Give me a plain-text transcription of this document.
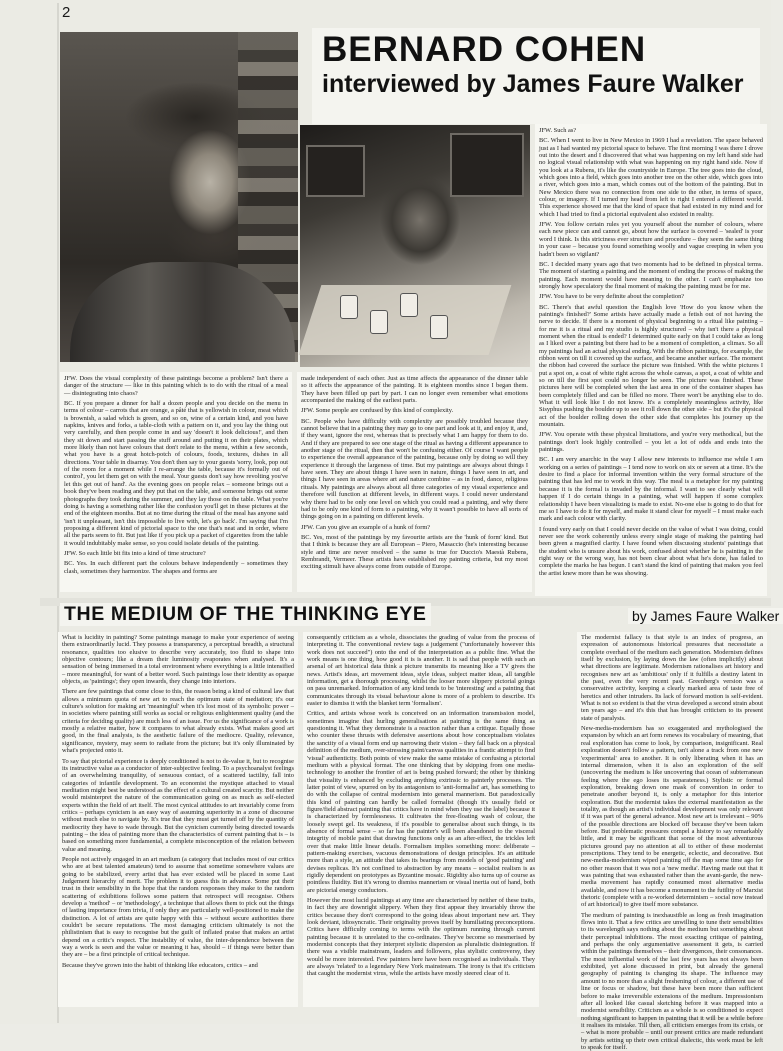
2
BERNARD COHEN
interviewed by James Faure Walker

JFW. Does the visual complexity of these paintings become a problem? Isn't there a danger of the structure — like in this painting which is to do with the ritual of a meal — disintegrating into chaos?

BC. If you prepare a dinner for half a dozen people and you decide on the menu in terms of colour – carrots that are orange, a pâté that is yellowish in colour, meat which is brownish, a salad which is green, and so on, wine of a certain kind, and you have napkins, knives and forks, a table-cloth with a pattern on it, and you lay the thing out very carefully, and then people come in and say 'doesn't it look delicious!', and then they sit down and start passing the stuff around and putting it on their plates, which more likely than not have colours that don't relate to the menu, within a few seconds, what you have is a great hotch-potch of colours, foods, textures, dishes in all directions. Your table in disarray. You don't then say to your guests 'sorry, look, pop out of the room for a moment while I re-arrange the table, because it's formally out of control', you let them get on with the meal. Your guests don't say how revolting you've let this get out of hand'. As the evening goes on people relax – someone brings out a book they've been reading and they put that on the table, and someone brings out some photographs they took during the summer, and they lay those on the table. What you're doing is having a something rather like the confusion you'll get in these pictures at the end of the eighteen months. But at no time during the ritual of the meal has anyone said 'isn't it unpleasant, isn't this impossible to live with, let's go back'. I'm saying that I'm proposing a different kind of pictorial space to the one that's neat and in order, where all the parts seem to fit. But just like if you pick up a packet of cigarettes from the table it would indubitably make sense, so you could isolate details of the painting.

JFW. So each little bit fits into a kind of time structure?

BC. Yes. In each different part the colours behave independently – sometimes they clash, sometimes they harmonize. The shapes and forms are

made independent of each other. Just as time affects the appearance of the dinner table so it affects the appearance of the painting. It is eighteen months since I began them. They have been filled up part by part. I can no longer even remember what emotions accompanied the making of the earliest parts.

JFW. Some people are confused by this kind of complexity.

BC. People who have difficulty with complexity are possibly troubled because they cannot believe that in a painting they may go to one part and look at it, and enjoy it, and, if they want, ignore the rest, whereas that is precisely what I am happy for them to do. And if they are prepared to see one stage of the ritual as having a different appearance to another stage of the ritual, then that won't be confusing either. Of course I want people to experience the overall appearance of the painting, because only by doing so will they experience it through the largeness of time. But my paintings are always about things I have seen. They are about things I have seen in nature, things I have seen in art, and things I have seen in areas where art and nature combine – as in food, dance, religious rituals. My paintings are always about all three categories of my visual experience and therefore will function at different levels, in different ways. I could never understand why there had to be only one level on which you could read a painting, and why there had to be only one kind of form to a painting, why it wasn't possible to have all sorts of things going on in a painting on different levels.

JFW. Can you give an example of a hunk of form?

BC. Yes, most of the paintings by my favourite artists are the 'hunk of form' kind. But that I think is because they are all European – Piero, Masaccio (he's interesting because style and time are never resolved – the same is true for Duccio's Maestà Rubens, Rembrandt, Vermeer. These artists have established my painting criteria, but my most exciting stimuli have always come from outside of Europe.

JFW. Such as?

BC. When I went to live in New Mexico in 1969 I had a revelation. The space behaved just as I had wanted my pictorial space to behave. The first morning I was there I drove out into the desert and I discovered that what was happening on my left hand side had no logical visual relationship with what was happening on my right hand side. Now if you look at a Rubens, it's like the countryside in Europe. The tree goes into the cloud, which goes into a field, which goes into another tree on the other side, which goes into a river, which goes into a man, which comes out of the bottom of the painting. But in New Mexico there was no connection from one side to the other, in terms of space, colour, or imagery. If I turned my head from left to right I entered a different world. This experience showed me that the kind of space that had existed in my mind and for which I had tried to find a pictorial equivalent also existed in reality.

JFW. You follow certain rules yet you yourself about the number of colours, where each new piece can and cannot go, about how the surface is covered – 'sealed' is your word I think. Is this strictness ever structure and procedure – they seem the same thing in your case – because you found something woolly and vague creeping in when you hadn't been so vigilant?

BC. I decided many years ago that two moments had to be defined in physical terms. The moment of starting a painting and the moment of ending the process of making the painting. Each moment would have meaning to the other. I can't emphasize too strongly how speculatory the final moment of making the painting must be for me.

JFW. You have to be very definite about the completion?

BC. There's that awful question the English love 'How do you know when the painting's finished?' Some artists have actually made a fetish out of not having the nerve to decide. If there is a moment of physical beginning to a ritual like painting – for me it is a ritual and my studio is highly structured – why isn't there a physical moment when the ritual is ended? I determined quite early on that I could take as long as I liked over a painting but there had to be a moment of completion, a climax. So all my paintings had an actual physical ending. With the ribbon paintings, for example, the ribbon went on till it covered up the surface, and became another surface. The moment the ribbon had covered the surface the picture was finished. With the white pictures I put a spot on, a coat of white right across the whole canvas, a spot, a coat of white and so on till the first spot could no longer be seen. The picture was finished. These pictures here will be completed when the last area in one of the container shapes has been completely filled and can be filled no more. There won't be anything else to do. What it will look like I do not know. It's a completely meaningless activity, like Sisyphus pushing the boulder up to see it roll down the other side – but it's the physical act of the boulder rolling down the other side that completes his journey up the mountain.

JFW. You operate with these physical limitations, and you're very methodical, but the paintings don't look highly controlled – you let a lot of odds and ends into the paintings.

BC. I am very anarchic in the way I allow new interests to influence me while I am working on a series of paintings – I tend now to work on six or seven at a time. It's the desire to find a place for informal invention within the very formal structure of the painting that has led me to work in this way. The meal is a metaphor for my painting because it is the formal is invaded by the informal. I want to see clearly what will happen if I do certain things in a painting, what will happen if some complex relationship I have been visualizing is made to exist. No-one else is going to do that for me so I have to do it for myself, and make it stand clear for myself – I must make each mark and each colour with clarity.

I found very early on that I could never decide on the value of what I was doing, could never see the work coherently unless every single stage of making the painting had been given a magnified clarity. I have found when discussing students' paintings that the student who is unsure about his work, confused about whether he is painting in the right way or the wrong way, has not been clear about what he's done, has failed to complete the marks he has begun. I can't stand the kind of painting that makes you feel the artist knew more than he was showing.

THE MEDIUM OF THE THINKING EYE	by James Faure Walker

What is lucidity in painting? Some paintings manage to make your experience of seeing them extraordinarily lucid. They possess a transparency, a perceptual breadth, a structural resonance, qualities too elusive to describe very accurately, too fluid to shape into objective contours; like a dream their luminosity evaporates when analysed. It's a sensation of being immersed in a total environment where everything is a little intensified – more meaningful, for want of a better word. Such paintings lose their identity as opaque objects, as 'paintings'; they open inwards, they change into interiors.

There are few paintings that come close to this, the reason being a kind of cultural law that allows a minimum quota of new art to reach the optimum state of mediation; it's our culture's solution for making art 'meaningful' when it's lost most of its symbolic power – in societies where painting still works as social or religious enlightenment quality (and the criteria for deciding quality) are much less of an issue. For us the significance of a work is mostly a relative matter, how it compares to what already exists. What makes good art good, in the final analysis, is the aesthetic failure of the mediocre. Quality, relevance, significance, mystery, may seem to radiate from the picture; but it's only illuminated by what's projected onto it.

To say that pictorial experience is deeply conditioned is not to de-value it, but to recognise its instructive value as a conductor of inter-subjective feeling. To a psychoanalyst feelings of an overwhelming tranquility, of sensuous contact, of a scattered tactility, fall into categories of infantile development. To an economist the mystique attached to visual meditation might best be understood as the effect of a cultural created scarcity. But neither would misinterpret the nature of the communication going on as much as self-elected experts within the field of art itself. The most cynical attitudes to art invariably come from critics – perhaps cynicism is an easy way of assuming superiority in a zone of discourse without much else to navigate by. It's true that they must get turned off by the quantity of mediocrity they have to wade through. But the cynicism currently being directed towards painting – the idea of painting more than the characteristics of current painting that is – is based on something more fundamental, a complete misconception of the relation between value and meaning.

People not actively engaged in an art medium (a category that includes most of our critics who are at best talented amateurs) tend to assume that sometime somewhere values are going to be stabilized, every artist that has ever existed will be placed in some Last Judgement hierarchy of merit. The problem it to guess this in advance. Some put their trust in their sensibility in the hope that the random responses they make to the random scattering of exhibitions follows some pattern that retrospect will recognise. Others develop a 'method' – or 'methodology', a technique that allows them to pick out the things of lasting importance from trivia, if only they are particularly well-positioned to make the distinction. A lot of artists are quite happy with this – without secure authorities there couldn't be secure reputations. The most damaging criticism ultimately is not the philistinism that is easy to recognise but the guilt of inflated praise that makes an artist depend on a critic's respect. The instability of value, the inter-dependence between the way a work is seen and the value or meaning it has, should – if things were better than they are – be a first principle of critical technique.

Because they've grown into the habit of thinking like educators, critics – and

consequently criticism as a whole, dissociates the grading of value from the process of interpreting it. The conventional review tags a judgement ("unfortunately however this work does not succeed") onto the end of the interpretation as a public fine. What the work means is one thing, how good it is is another. It is sad that people with such an arsenal of art historical data think a picture transmits its meaning like a TV gives the news. Artist's ideas, art movement ideas, style ideas, subject matter ideas, all tangible information, get a thorough processing, whilst the looser more slippery pictorial goings on pass unremarked. Information of any kind tends to be 'interesting' and a painting that communicates through its visual behaviour alone is more of a problem to describe. It's easier to dismiss it with the blanket term 'formalism'.

Critics, and artists whose work is conceived on an information transmission model, sometimes imagine that hurling generalisations at painting is the same thing as questioning it. What they demonstrate is a reaction rather than a critique. Equally those who counter these thrusts with defensive assertions about how conceptualism violates the sanctity of a visual form end up narrowing their vision – they fall back on a physical definition of the medium, over-stressing paint/canvas qualities in a frantic attempt to find 'visual' authenticity. Both points of view make the same mistake of confusing a pictorial medium with a physical format. The one thinking that by skipping from one media-technology to another the frontier of art is being pushed forward; the other by thinking that visuality is enhanced by excluding anything extrinsic to painterly processes. The latter point of view, spurred on by its antagonism to 'anti-formalist' art, has something to do with the collapse of central modernism into general mannerism. But paradoxically this kind of painting can hardly be called formalist (though it's usually field or figure/field abstract painting that critics have in mind when they use the label) because it is characterized by formlessness. It cultivates the free-floating wash of colour, the loosely swept gel. Its weakness, if it's possible to generalise about such things, is its absence of formal sense – so far has the painter's will been abandoned to the visceral integrity of mobile paint that drawing functions only as an after-effect, the trickles left over that make little linear details. Formalism implies something more: deliberate – pattern-making exercises, vacuous demonstrations of design principles. It's an attitude more than a style, an attitude that takes its bearings from models of 'good painting' and devises replicas. It's not confined to abstraction by any means – socialist realism is as rigidly dependent on prototypes as Byzantine mosaic. Rigidity also turns up of course as pointless fluidity. But it's wrong to dismiss mannerism or visual inertia out of hand, both are pictorial energy conductors.

However the most lucid paintings at any time are characterised by neither of these traits, in fact they are downright slippery. When they first appear they invariably throw the critics because they don't correspond to the going ideas about important new art. They look deviant, idiosyncratic. Their originality proves itself by humiliating preconceptions. Critics have difficulty coming to terms with the optimum running through current painting because it is unrelated to the co-ordinates. They've become so mesmerised by modernist concepts that they interpret stylistic dispersion as pluralistic disintegration. If there was a visible mainstream, leaders and followers, plus stylistic controversy, they would be more interested. Few painters here have been recognised as individuals. They are always 'related' to a legendary New York mainstream. The irony is that it's criticism that caught the modernist virus, while the artists have mostly steered clear of it.

The modernist fallacy is that style is an index of progress, an expression of autonomous historical pressures that necessitate a complete overhaul of the medium each generation. Modernism defines itself by exclusion, by laying down the law (often implicitly) about what directions are legitimate. Modernism rationalises art history and recognises new art as 'ambitious' only if it fulfills a destiny latent in the past, even the very recent past. Greenberg's version was a conservative activity, keeping a clearly marked area of taste free of heretics and other intruders. Its lack of forward motion is self-evident. What is not so evident is that the virus developed a second strain about ten years ago – and it's this that has brought criticism to its present state of paralysis.

New-media-modernism has so exaggerated and mythologised the expansion by which an art form renews its vocabulary of meaning, that real exploration has come to look, by comparison, insignificant. Real exploration doesn't follow a pattern, isn't alone a track from one new 'experimental' area to another. It is only liberating when it has an internal dimension, when it is also an exploration of the self (uncovering the medium is like uncovering that ocean of subterranean feeling where the ego loses its separateness.) Stylistic or formal exploration, breaking down one mask of convention in order to penetrate another beyond it, is only a metaphor for this interior exploration. But the modernist takes the external manifestation as the totality, as though an artist's individual development was only relevant if it was part of the general advance. Most new art is irrelevant – 90% of the possible directions are blocked off because they've been taken before. But problematic pressures compel a history to say remarkably little, and it may be significant that some of the most adventurous pictures ground pay no attention at all to either of these modernist prescriptions. They tend to be energetic, eclectic, and decorative. But new-media-modernism wiped painting off the map some time ago for no other reason that it was not a 'new media'. Having made out that it was painting that was exhausted rather than the avant-garde, the new-media movement has rapidly consumed most alternative media available, and now it has become a monument to the futility of Marxist thetoric (complete with a re-worked determinism – social now instead of art historical) to give itself more substance.

The medium of painting is inexhaustible as long as fresh imagination flows into it. That a few critics are unwilling to tune their sensibilities to its wavelength says nothing about the medium but something about their perceptual inhibitions. The most exacting critique of painting, and perhaps the only argumentative assessment it gets, is carried within the paintings themselves – their divergences, their consonances. The most influential work of the last few years has not always been exhibited, yet alone discussed in print, but already the general geography of painting is changing its shape. The influence may amount to no more than a slight freshening of colour, a different use of line or focus or shadow, but these have been more than sufficient before to make irreversible extensions of the medium. Impressionism after all looked like casual sketching before it was mapped into a modernist sensibility. Criticism as a whole is so conditioned to expect nothing significant to happen in painting that it will be a while before it realises its mistake. Till then, all criticism emerges from its crisis, or – what is more probable – until our present critics are made redundant by artists setting up their own critical dialectic, this work must be left to speak for itself.
